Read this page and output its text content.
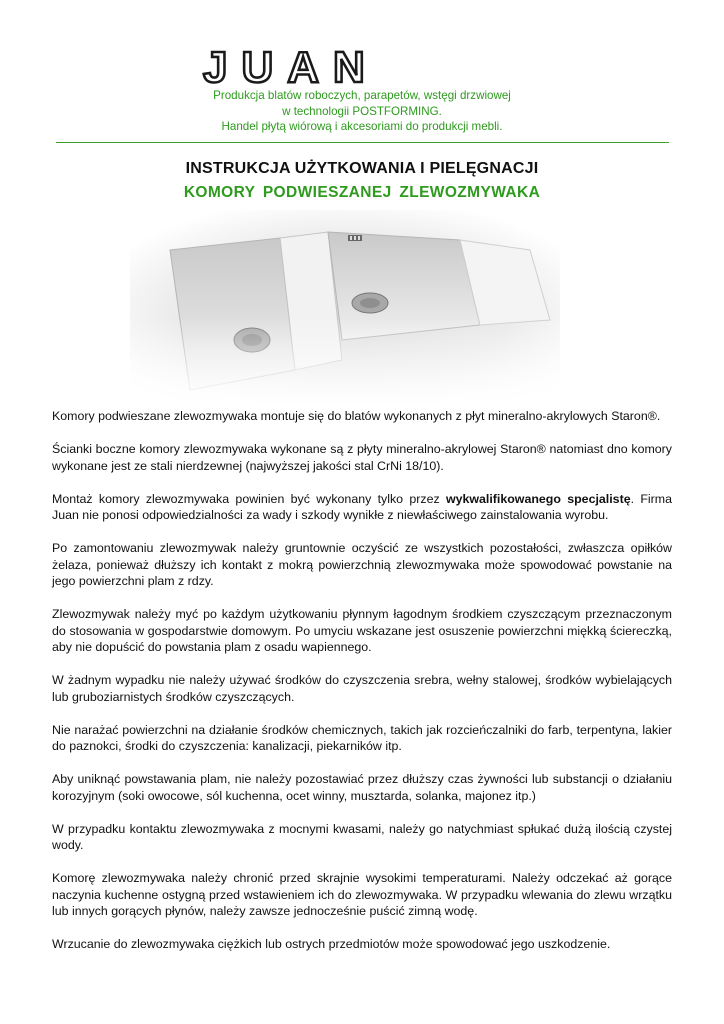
JUAN
Produkcja blatów roboczych, parapetów, wstęgi drzwiowej
w technologii POSTFORMING.
Handel płytą wiórową i akcesoriami do produkcji mebli.
INSTRUKCJA UŻYTKOWANIA I PIELĘGNACJI
KOMORY PODWIESZANEJ ZLEWOZMYWAKA

Komory podwieszane zlewozmywaka montuje się do blatów wykonanych z płyt mineralno-akrylowych Staron®.

Ścianki boczne komory zlewozmywaka wykonane są z płyty mineralno-akrylowej Staron® natomiast dno komory wykonane jest ze stali nierdzewnej (najwyższej jakości stal CrNi 18/10).

Montaż komory zlewozmywaka powinien być wykonany tylko przez wykwalifikowanego specjalistę. Firma Juan nie ponosi odpowiedzialności za wady i szkody wynikłe z niewłaściwego zainstalowania wyrobu.

Po zamontowaniu zlewozmywak należy gruntownie oczyścić ze wszystkich pozostałości, zwłaszcza opiłków żelaza, ponieważ dłuższy ich kontakt z mokrą powierzchnią zlewozmywaka może spowodować powstanie na jego powierzchni plam z rdzy.

Zlewozmywak należy myć po każdym użytkowaniu płynnym łagodnym środkiem czyszczącym przeznaczonym do stosowania w gospodarstwie domowym. Po umyciu wskazane jest osuszenie powierzchni miękką ściereczką, aby nie dopuścić do powstania plam z osadu wapiennego.

W żadnym wypadku nie należy używać środków do czyszczenia srebra, wełny stalowej, środków wybielających lub gruboziarnistych środków czyszczących.

Nie narażać powierzchni na działanie środków chemicznych, takich jak rozcieńczalniki do farb, terpentyna, lakier do paznokci, środki do czyszczenia: kanalizacji, piekarników itp.

Aby uniknąć powstawania plam, nie należy pozostawiać przez dłuższy czas żywności lub substancji o działaniu korozyjnym (soki owocowe, sól kuchenna, ocet winny, musztarda, solanka, majonez itp.)

W przypadku kontaktu zlewozmywaka z mocnymi kwasami, należy go natychmiast spłukać dużą ilością czystej wody.

Komorę zlewozmywaka należy chronić przed skrajnie wysokimi temperaturami. Należy odczekać aż gorące naczynia kuchenne ostygną przed wstawieniem ich do zlewozmywaka. W przypadku wlewania do zlewu wrzątku lub innych gorących płynów, należy zawsze jednocześnie puścić zimną wodę.

Wrzucanie do zlewozmywaka ciężkich lub ostrych przedmiotów może spowodować jego uszkodzenie.
